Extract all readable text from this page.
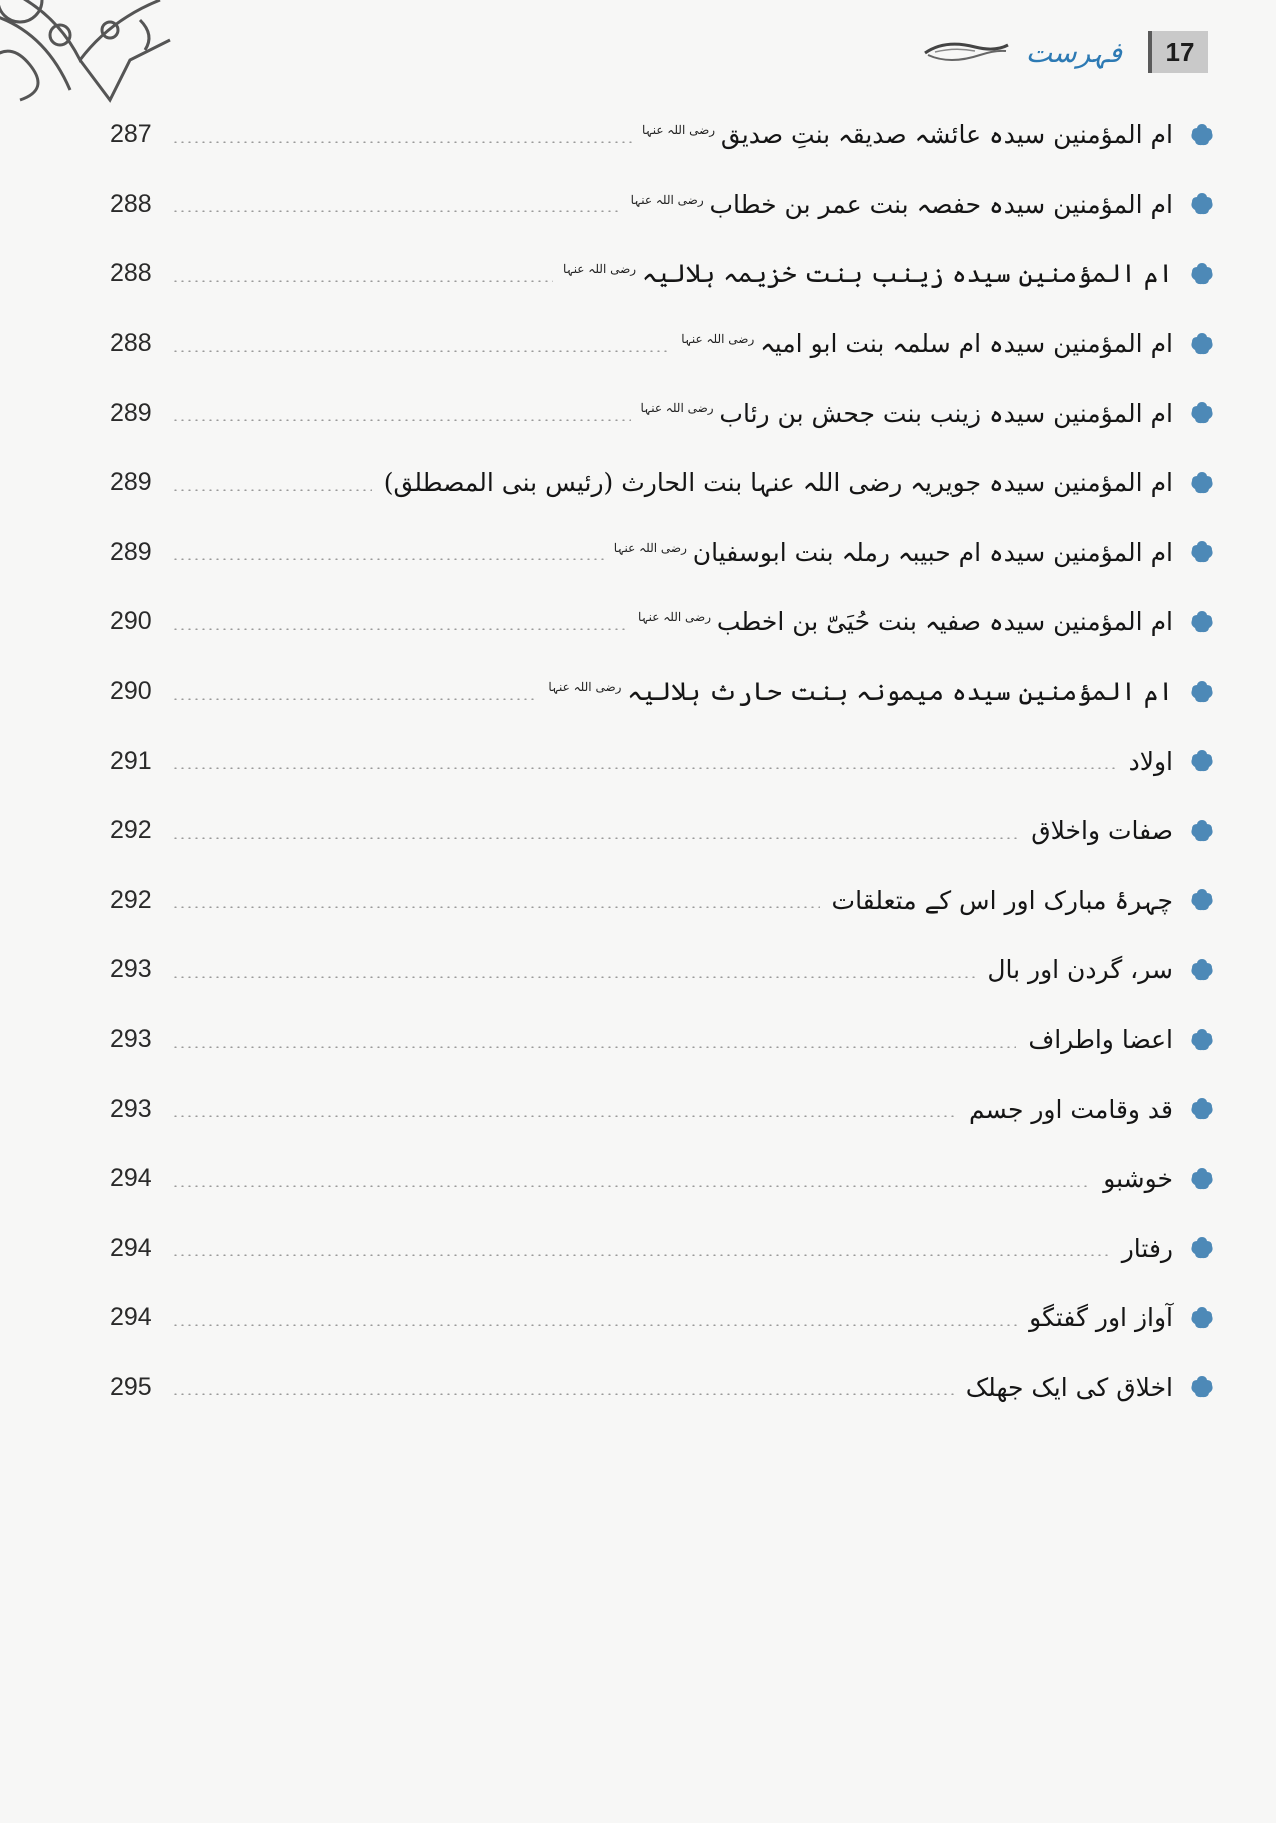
فہرست 17
287	ام المؤمنین سیدہ عائشہ صدیقہ بنتِ صدیق $^{رضی اللہ عنہا}$
288	ام المؤمنین سیدہ حفصہ بنت عمر بن خطاب $^{رضی اللہ عنہا}$
288	ام المؤمنین سیدہ زینب بنت خزیمہ ہلالیہ $^{رضی اللہ عنہا}$
288	ام المؤمنین سیدہ ام سلمہ بنت ابو امیہ $^{رضی اللہ عنہا}$
289	ام المؤمنین سیدہ زینب بنت جحش بن رئاب $^{رضی اللہ عنہا}$
289	ام المؤمنین سیدہ جویریہ رضی اللہ عنہا بنت الحارث (رئیس بنی المصطلق)
289	ام المؤمنین سیدہ ام حبیبہ رملہ بنت ابوسفیان $^{رضی اللہ عنہا}$
290	ام المؤمنین سیدہ صفیہ بنت حُیَیّ بن اخطب $^{رضی اللہ عنہا}$
290	ام المؤمنین سیدہ میمونہ بنت حارث ہلالیہ $^{رضی اللہ عنہا}$
291	اولاد
292	صفات واخلاق
292	چہرۂ مبارک اور اس کے متعلقات
293	سر، گردن اور بال
293	اعضا واطراف
293	قد وقامت اور جسم
294	خوشبو
294	رفتار
294	آواز اور گفتگو
295	اخلاق کی ایک جھلک
